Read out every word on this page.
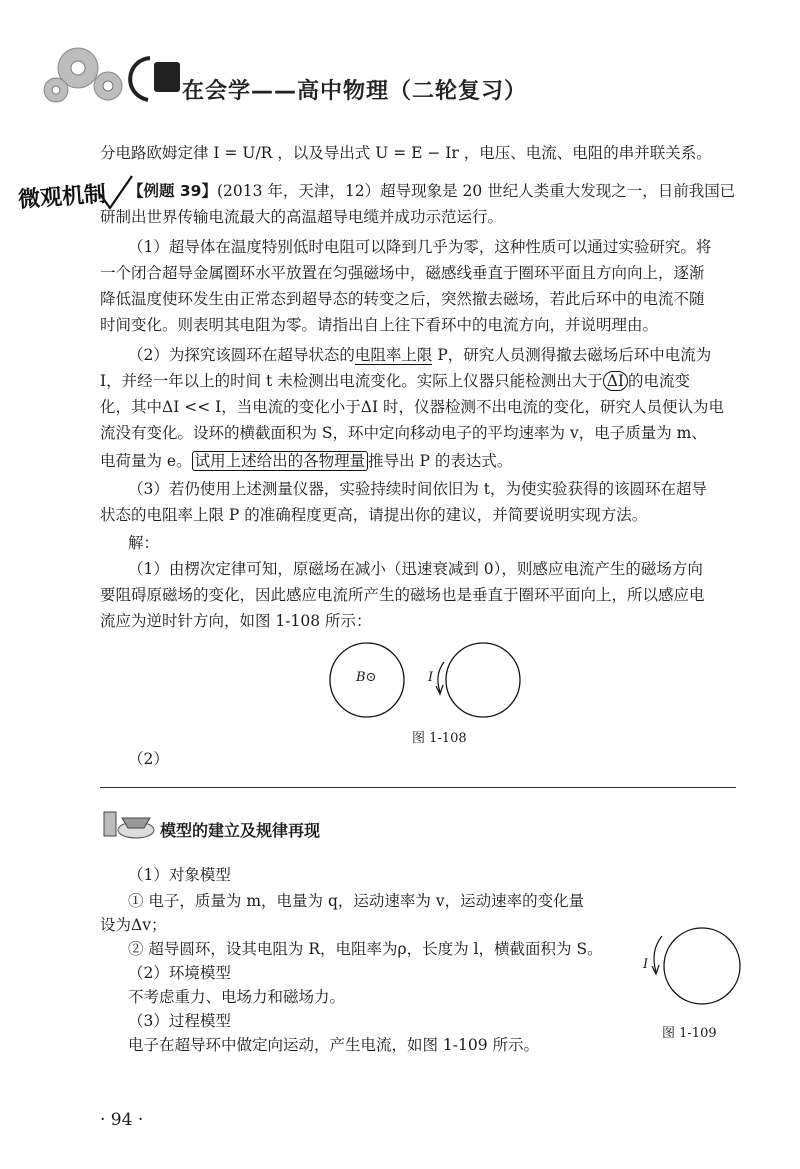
在会学——高中物理（二轮复习）
微观机制
分电路欧姆定律 I = U/R ，以及导出式 U = E − Ir ，电压、电流、电阻的串并联关系。
【例题 39】(2013 年，天津，12）超导现象是 20 世纪人类重大发现之一，日前我国已
研制出世界传输电流最大的高温超导电缆并成功示范运行。
（1）超导体在温度特别低时电阻可以降到几乎为零，这种性质可以通过实验研究。将
一个闭合超导金属圈环水平放置在匀强磁场中，磁感线垂直于圈环平面且方向向上，逐渐
降低温度使环发生由正常态到超导态的转变之后，突然撤去磁场，若此后环中的电流不随
时间变化。则表明其电阻为零。请指出自上往下看环中的电流方向，并说明理由。
（2）为探究该圆环在超导状态的电阻率上限 P，研究人员测得撤去磁场后环中电流为
I，并经一年以上的时间 t 未检测出电流变化。实际上仪器只能检测出大于 ΔI 的电流变
化，其中ΔI << I，当电流的变化小于ΔI 时，仪器检测不出电流的变化，研究人员便认为电
流没有变化。设环的横截面积为 S，环中定向移动电子的平均速率为 v，电子质量为 m、
电荷量为 e。 试用上述给出的各物理量 推导出 P 的表达式。
（3）若仍使用上述测量仪器，实验持续时间依旧为 t，为使实验获得的该圆环在超导
状态的电阻率上限 P 的准确程度更高，请提出你的建议，并简要说明实现方法。
解：
（1）由楞次定律可知，原磁场在减小（迅速衰减到 0），则感应电流产生的磁场方向
要阻碍原磁场的变化，因此感应电流所产生的磁场也是垂直于圈环平面向上，所以感应电
流应为逆时针方向，如图 1-108 所示：
B⊙	I
图 1-108
（2）
模型的建立及规律再现
（1）对象模型
① 电子，质量为 m，电量为 q，运动速率为 v，运动速率的变化量
设为Δv；
② 超导圆环，设其电阻为 R，电阻率为ρ，长度为 l，横截面积为 S。
（2）环境模型
不考虑重力、电场力和磁场力。
（3）过程模型
电子在超导环中做定向运动，产生电流，如图 1-109 所示。
I
图 1-109
· 94 ·
